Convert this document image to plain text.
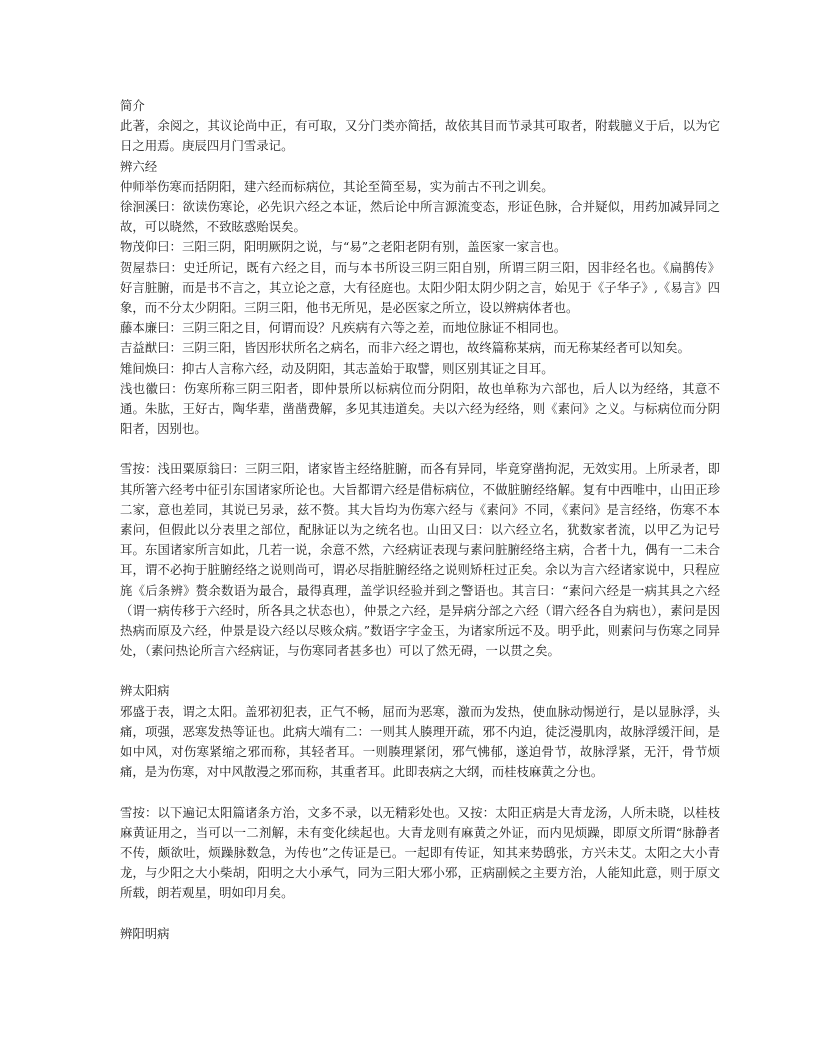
简介

此著，余阅之，其议论尚中正，有可取，又分门类亦简括，故依其目而节录其可取者，附载臆义于后，以为它日之用焉。庚辰四月门雪录记。

辨六经

仲师举伤寒而括阴阳，建六经而标病位，其论至简至易，实为前古不刊之训矣。

徐洄溪曰：欲读伤寒论，必先识六经之本证，然后论中所言源流变态，形证色脉，合并疑似，用药加减异同之故，可以晓然，不致眩惑贻误矣。

物茂仰曰：三阳三阴，阳明厥阴之说，与“易”之老阳老阴有别，盖医家一家言也。

贺屋恭曰：史迁所记，既有六经之目，而与本书所设三阴三阳自别，所谓三阴三阳，因非经名也。《扁鹊传》好言脏腑，而是书不言之，其立论之意，大有径庭也。太阳少阳太阴少阴之言，始见于《子华子》,《易言》四象，而不分太少阴阳。三阴三阳，他书无所见，是必医家之所立，设以辨病体者也。

藤本廉曰：三阴三阳之目，何谓而设？凡疾病有六等之差，而地位脉证不相同也。

吉益猷曰：三阴三阳，皆因形状所名之病名，而非六经之谓也，故终篇称某病，而无称某经者可以知矣。

雉间焕曰：抑古人言称六经，动及阴阳，其志盖始于取譬，则区别其证之目耳。

浅也徽曰：伤寒所称三阴三阳者，即仲景所以标病位而分阴阳，故也单称为六部也，后人以为经络，其意不通。朱肱，王好古，陶华辈，凿凿费解，多见其违道矣。夫以六经为经络，则《素问》之义。与标病位而分阴阳者，因别也。

雪按：浅田粟原翁曰：三阴三阳，诸家皆主经络脏腑，而各有异同，毕竟穿凿拘泥，无效实用。上所录者，即其所箸六经考中征引东国诸家所论也。大旨都谓六经是借标病位，不做脏腑经络解。复有中西唯中，山田正珍二家，意也差同，其说已另录，兹不赘。其大旨均为伤寒六经与《素问》不同，《素问》是言经络，伤寒不本素问，但假此以分表里之部位，配脉证以为之统名也。山田又曰：以六经立名，犹数家者流，以甲乙为记号耳。东国诸家所言如此，几若一说，余意不然，六经病证表现与素问脏腑经络主病，合者十九，偶有一二未合耳，谓不必拘于脏腑经络之说则尚可，谓必尽指脏腑经络之说则矫枉过正矣。余以为言六经诸家说中，只程应旄《后条辨》赘余数语为最合，最得真理，盖学识经验并到之警语也。其言曰：“素问六经是一病其具之六经（谓一病传移于六经时，所各具之状态也），仲景之六经，是异病分部之六经（谓六经各自为病也），素问是因热病而原及六经，仲景是设六经以尽赅众病。”数语字字金玉，为诸家所远不及。明乎此，则素问与伤寒之同异处，（素问热论所言六经病证，与伤寒同者甚多也）可以了然无碍，一以贯之矣。

辨太阳病

邪盛于表，谓之太阳。盖邪初犯表，正气不畅，屈而为恶寒，激而为发热，使血脉动惕逆行，是以显脉浮，头痛，项强，恶寒发热等证也。此病大端有二：一则其人腠理开疏，邪不内迫，徒泛漫肌肉，故脉浮缓汗间，是如中风，对伤寒紧缩之邪而称，其轻者耳。一则腠理紧闭，邪气怫郁，遂迫骨节，故脉浮紧，无汗，骨节烦痛，是为伤寒，对中风散漫之邪而称，其重者耳。此即表病之大纲，而桂枝麻黄之分也。

雪按：以下遍记太阳篇诸条方治，文多不录，以无精彩处也。又按：太阳正病是大青龙汤，人所未晓，以桂枝麻黄证用之，当可以一二剂解，未有变化续起也。大青龙则有麻黄之外证，而内见烦躁，即原文所谓“脉静者不传，颇欲吐，烦躁脉数急，为传也”之传证是已。一起即有传证，知其来势鸱张，方兴未艾。太阳之大小青龙，与少阳之大小柴胡，阳明之大小承气，同为三阳大邪小邪，正病副候之主要方治，人能知此意，则于原文所载，朗若观星，明如印月矣。

辨阳明病
